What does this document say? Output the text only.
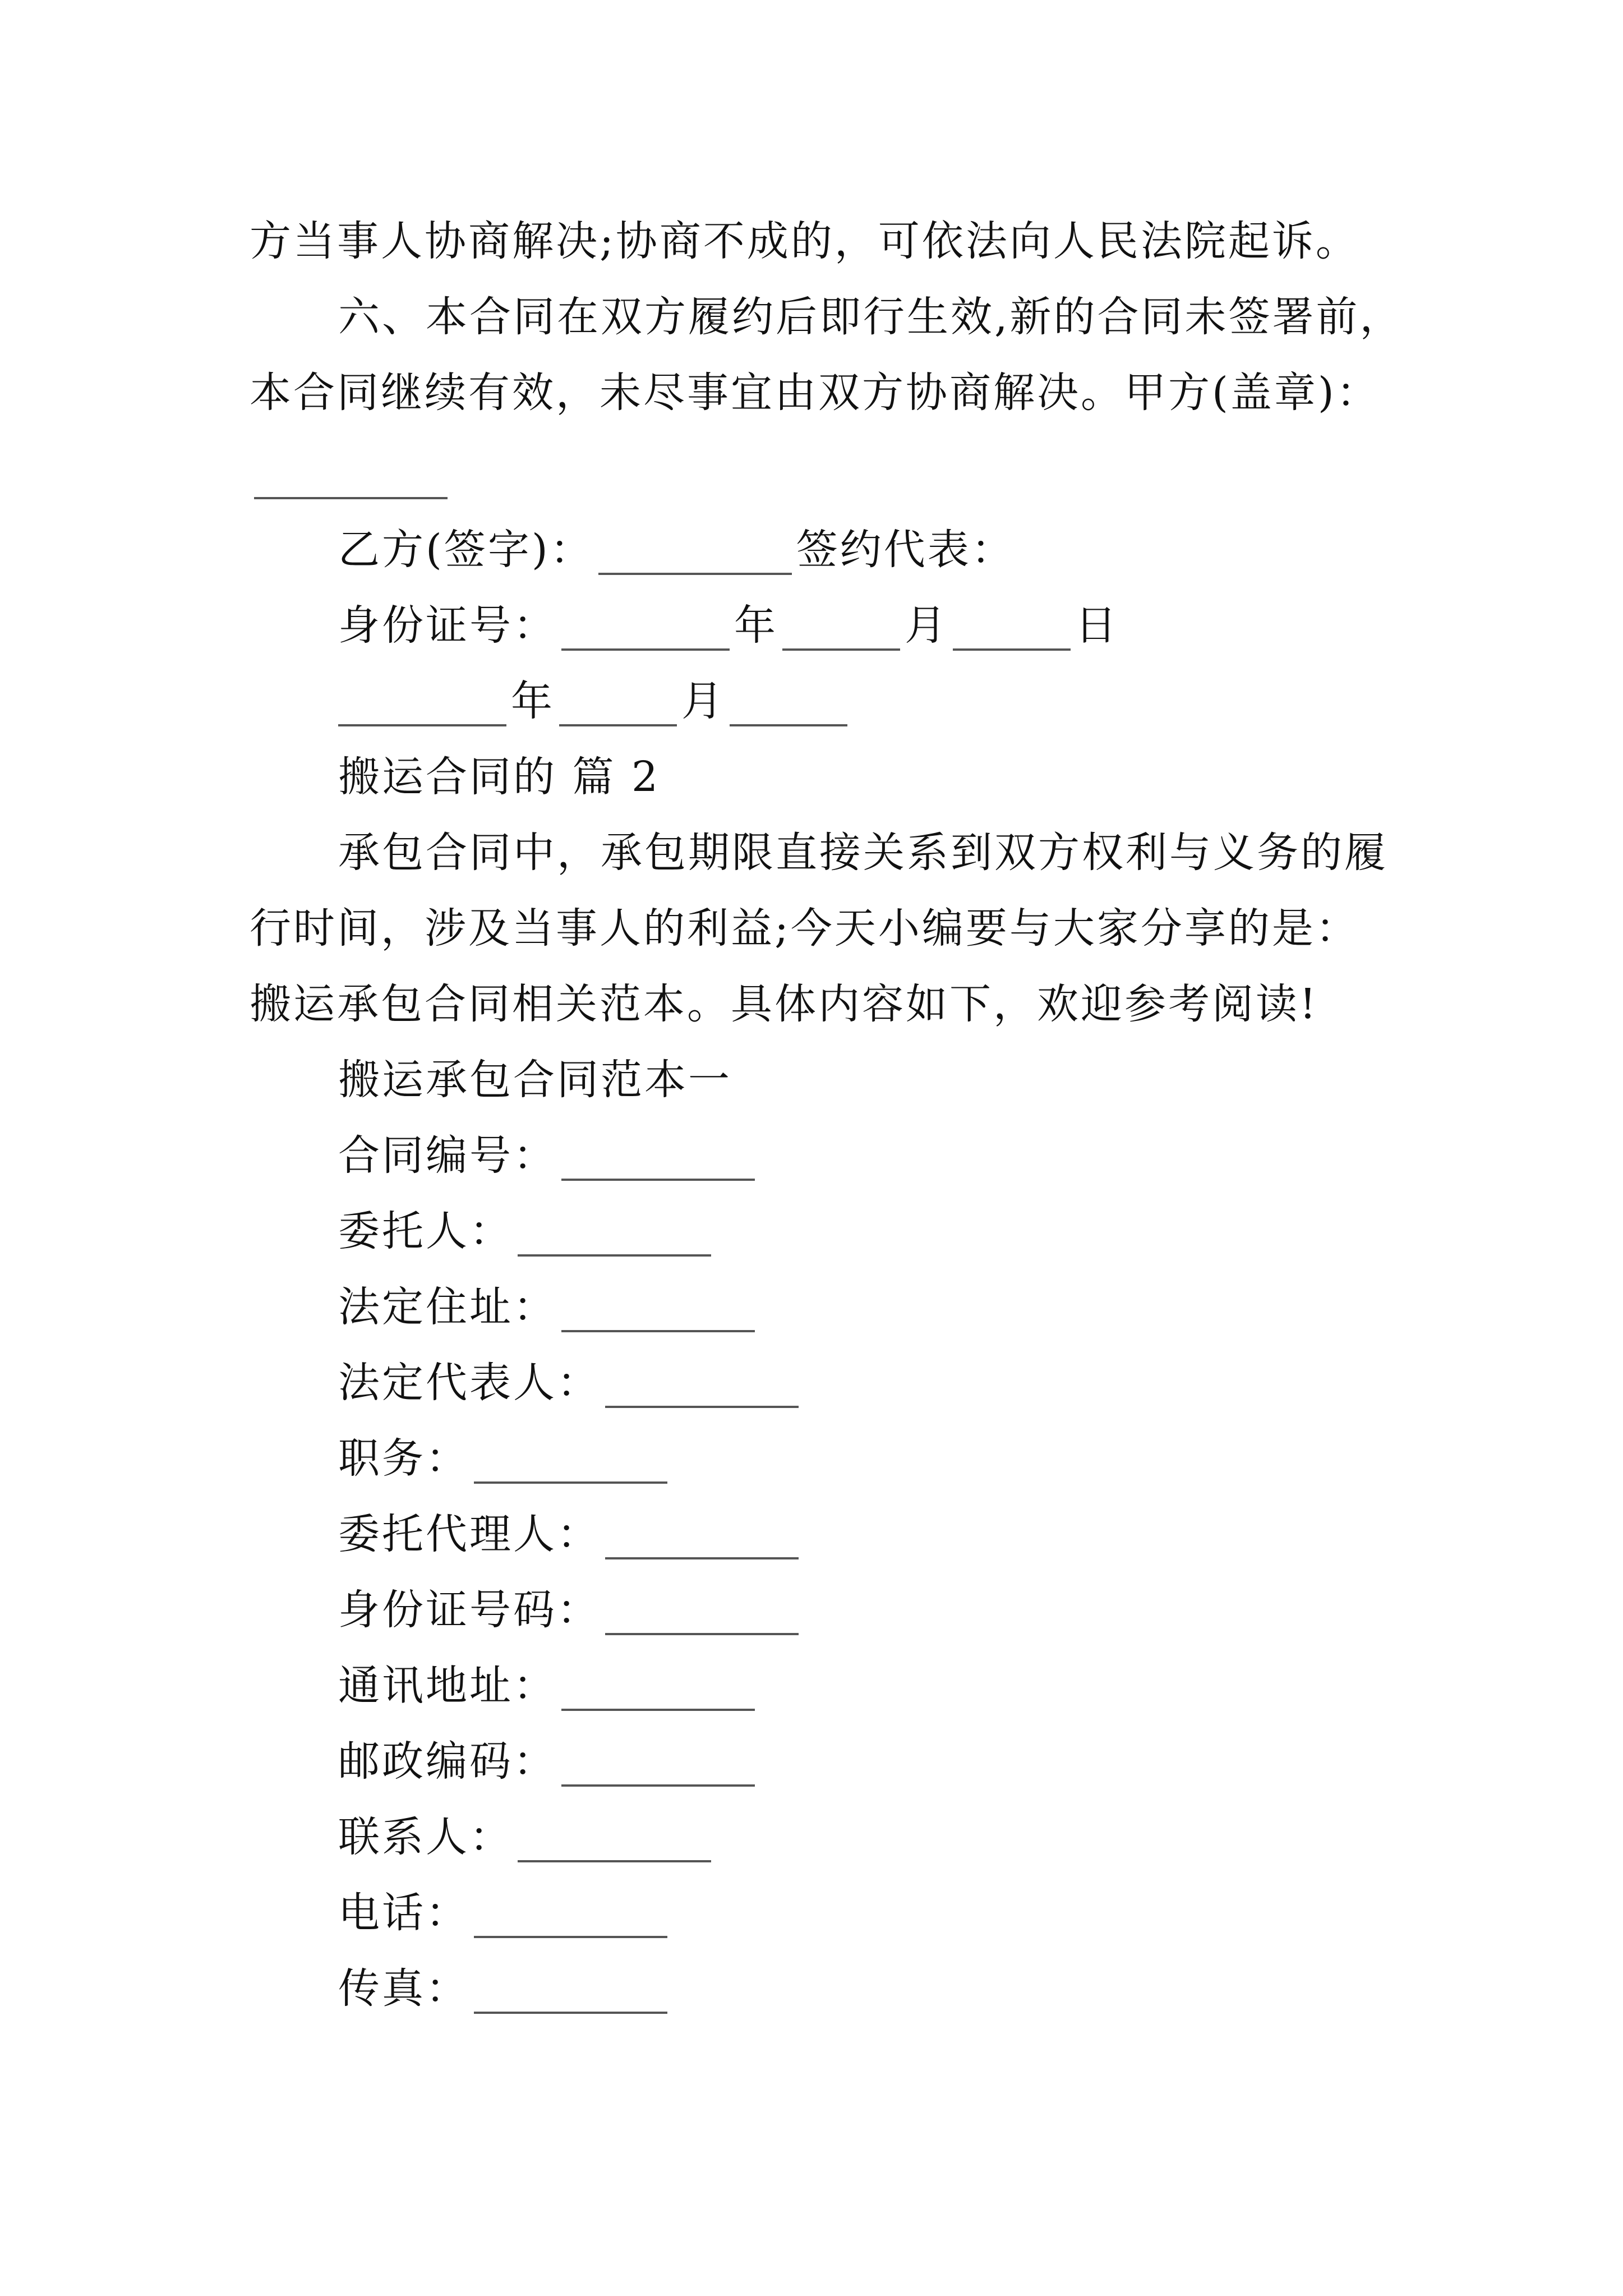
方当事人协商解决;协商不成的，可依法向人民法院起诉。
六、本合同在双方履约后即行生效,新的合同未签署前，
本合同继续有效，未尽事宜由双方协商解决。甲方(盖章)：
乙方(签字)：	签约代表：
身份证号：	年	月	日
年	月
搬运合同的 篇 2
承包合同中，承包期限直接关系到双方权利与义务的履
行时间，涉及当事人的利益;今天小编要与大家分享的是：
搬运承包合同相关范本。具体内容如下，欢迎参考阅读!
搬运承包合同范本一
合同编号：
委托人：
法定住址：
法定代表人：
职务：
委托代理人：
身份证号码：
通讯地址：
邮政编码：
联系人：
电话：
传真：
